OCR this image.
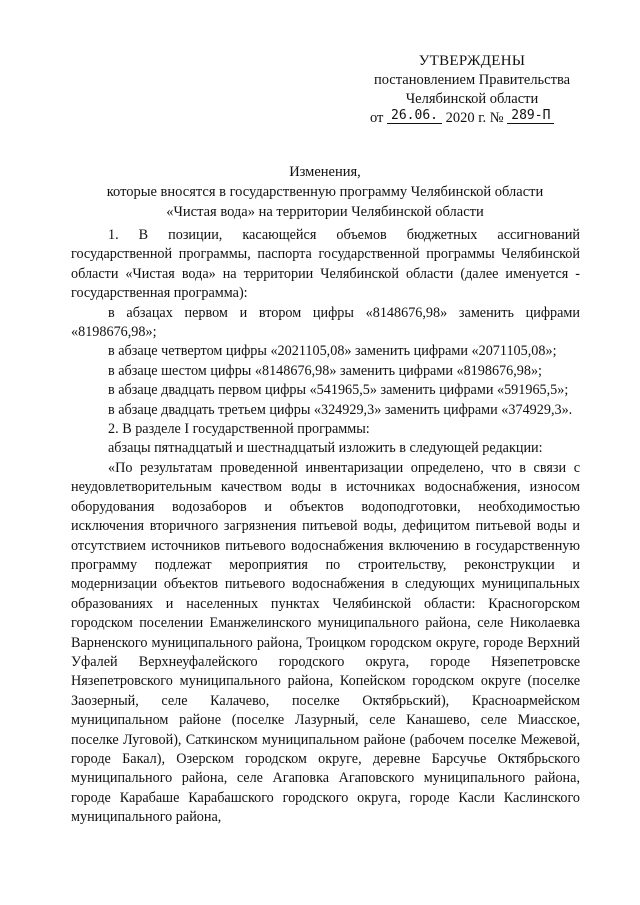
УТВЕРЖДЕНЫ
постановлением Правительства
Челябинской области
от 26.06. 2020 г. № 289-П
Изменения,
которые вносятся в государственную программу Челябинской области
«Чистая вода» на территории Челябинской области

1. В позиции, касающейся объемов бюджетных ассигнований государственной программы, паспорта государственной программы Челябинской области «Чистая вода» на территории Челябинской области (далее именуется - государственная программа):

в абзацах первом и втором цифры «8148676,98» заменить цифрами «8198676,98»;

в абзаце четвертом цифры «2021105,08» заменить цифрами «2071105,08»;

в абзаце шестом цифры «8148676,98» заменить цифрами «8198676,98»;

в абзаце двадцать первом цифры «541965,5» заменить цифрами «591965,5»;

в абзаце двадцать третьем цифры «324929,3» заменить цифрами «374929,3».

2. В разделе I государственной программы:

абзацы пятнадцатый и шестнадцатый изложить в следующей редакции:

«По результатам проведенной инвентаризации определено, что в связи с неудовлетворительным качеством воды в источниках водоснабжения, износом оборудования водозаборов и объектов водоподготовки, необходимостью исключения вторичного загрязнения питьевой воды, дефицитом питьевой воды и отсутствием источников питьевого водоснабжения включению в государственную программу подлежат мероприятия по строительству, реконструкции и модернизации объектов питьевого водоснабжения в следующих муниципальных образованиях и населенных пунктах Челябинской области: Красногорском городском поселении Еманжелинского муниципального района, селе Николаевка Варненского муниципального района, Троицком городском округе, городе Верхний Уфалей Верхнеуфалейского городского округа, городе Нязепетровске Нязепетровского муниципального района, Копейском городском округе (поселке Заозерный, селе Калачево, поселке Октябрьский), Красноармейском муниципальном районе (поселке Лазурный, селе Канашево, селе Миасское, поселке Луговой), Саткинском муниципальном районе (рабочем поселке Межевой, городе Бакал), Озерском городском округе, деревне Барсучье Октябрьского муниципального района, селе Агаповка Агаповского муниципального района, городе Карабаше Карабашского городского округа, городе Касли Каслинского муниципального района,
